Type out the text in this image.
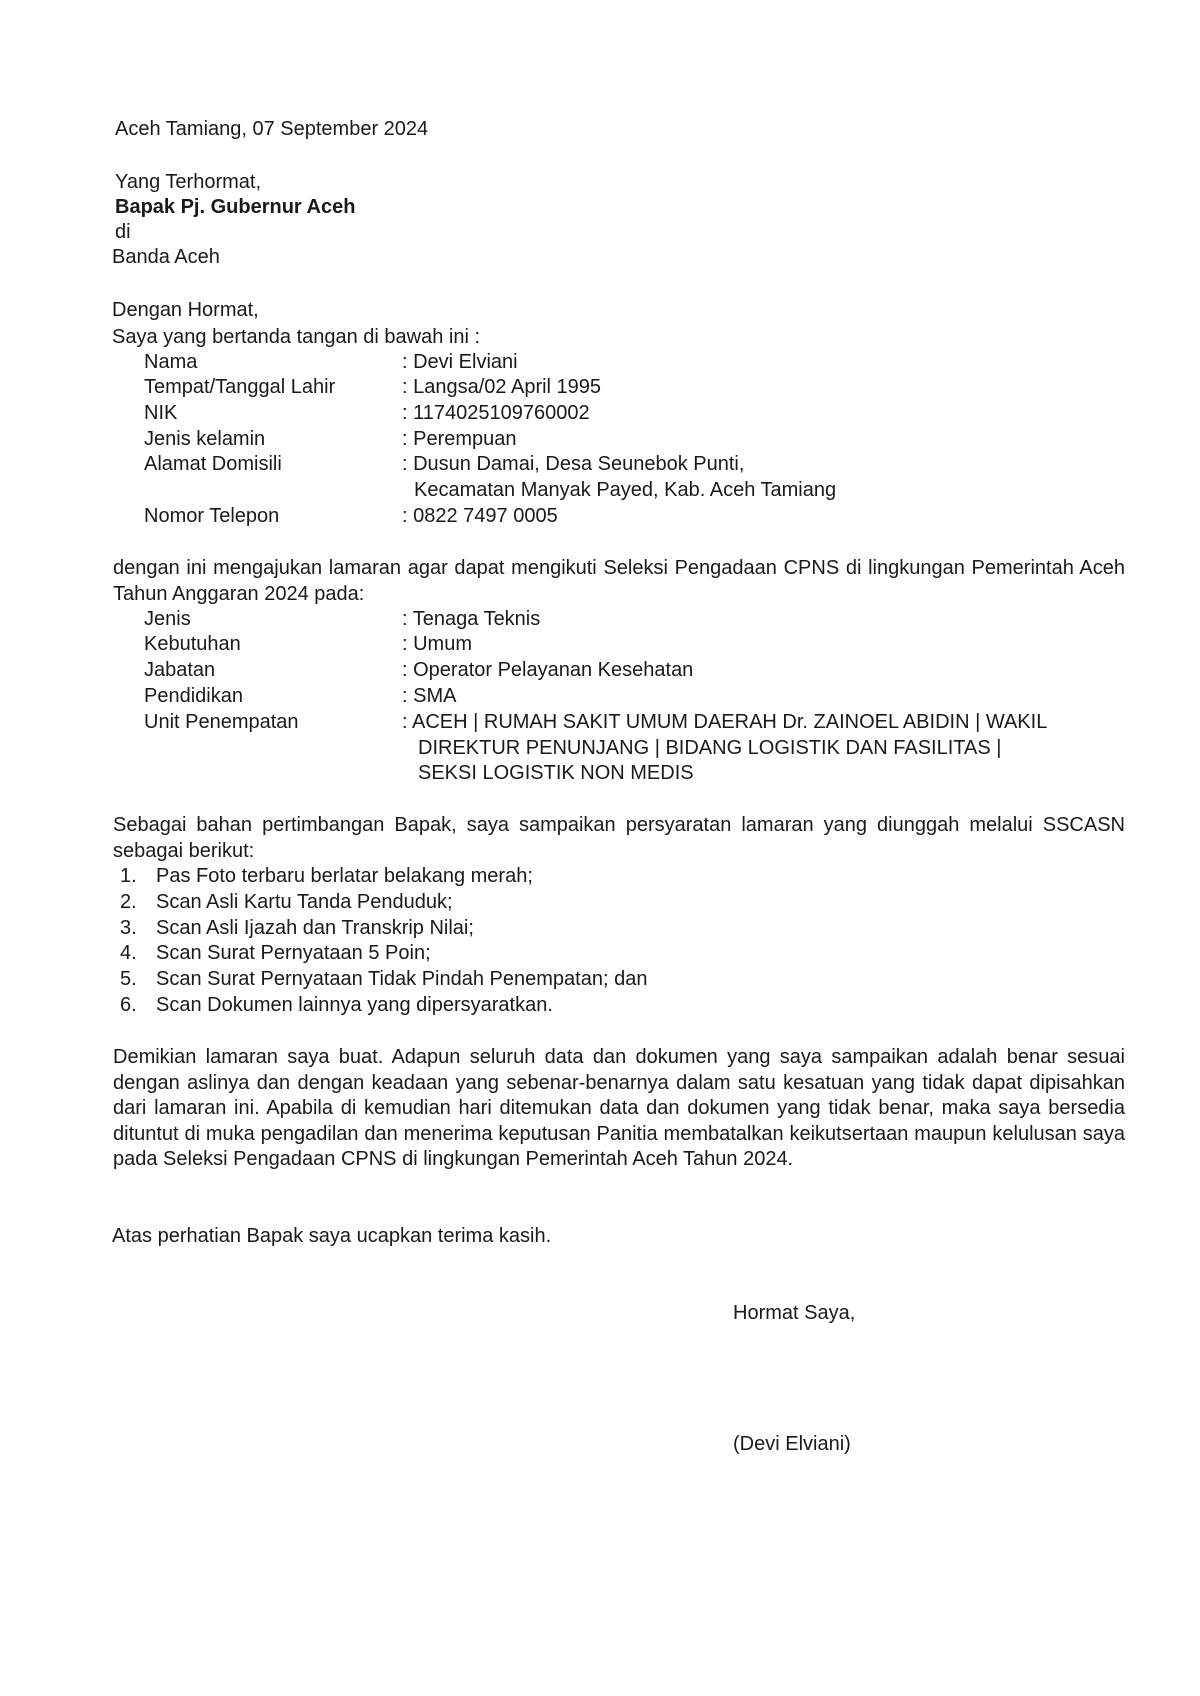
Aceh Tamiang, 07 September 2024
Yang Terhormat,
Bapak Pj. Gubernur Aceh
di
Banda Aceh
Dengan Hormat,
Saya yang bertanda tangan di bawah ini :
Nama	: Devi Elviani
Tempat/Tanggal Lahir	: Langsa/02 April 1995
NIK	: 1174025109760002
Jenis kelamin	: Perempuan
Alamat Domisili	: Dusun Damai, Desa Seunebok Punti,
Kecamatan Manyak Payed, Kab. Aceh Tamiang
Nomor Telepon	: 0822 7497 0005
dengan ini mengajukan lamaran agar dapat mengikuti Seleksi Pengadaan CPNS di lingkungan Pemerintah Aceh Tahun Anggaran 2024 pada:
Jenis	: Tenaga Teknis
Kebutuhan	: Umum
Jabatan	: Operator Pelayanan Kesehatan
Pendidikan	: SMA
Unit Penempatan	: ACEH | RUMAH SAKIT UMUM DAERAH Dr. ZAINOEL ABIDIN | WAKIL
DIREKTUR PENUNJANG | BIDANG LOGISTIK DAN FASILITAS |
SEKSI LOGISTIK NON MEDIS
Sebagai bahan pertimbangan Bapak, saya sampaikan persyaratan lamaran yang diunggah melalui SSCASN sebagai berikut:
1. Pas Foto terbaru berlatar belakang merah;
2. Scan Asli Kartu Tanda Penduduk;
3. Scan Asli Ijazah dan Transkrip Nilai;
4. Scan Surat Pernyataan 5 Poin;
5. Scan Surat Pernyataan Tidak Pindah Penempatan; dan
6. Scan Dokumen lainnya yang dipersyaratkan.
Demikian lamaran saya buat. Adapun seluruh data dan dokumen yang saya sampaikan adalah benar sesuai dengan aslinya dan dengan keadaan yang sebenar-benarnya dalam satu kesatuan yang tidak dapat dipisahkan dari lamaran ini. Apabila di kemudian hari ditemukan data dan dokumen yang tidak benar, maka saya bersedia dituntut di muka pengadilan dan menerima keputusan Panitia membatalkan keikutsertaan maupun kelulusan saya pada Seleksi Pengadaan CPNS di lingkungan Pemerintah Aceh Tahun 2024.
Atas perhatian Bapak saya ucapkan terima kasih.
Hormat Saya,
(Devi Elviani)
